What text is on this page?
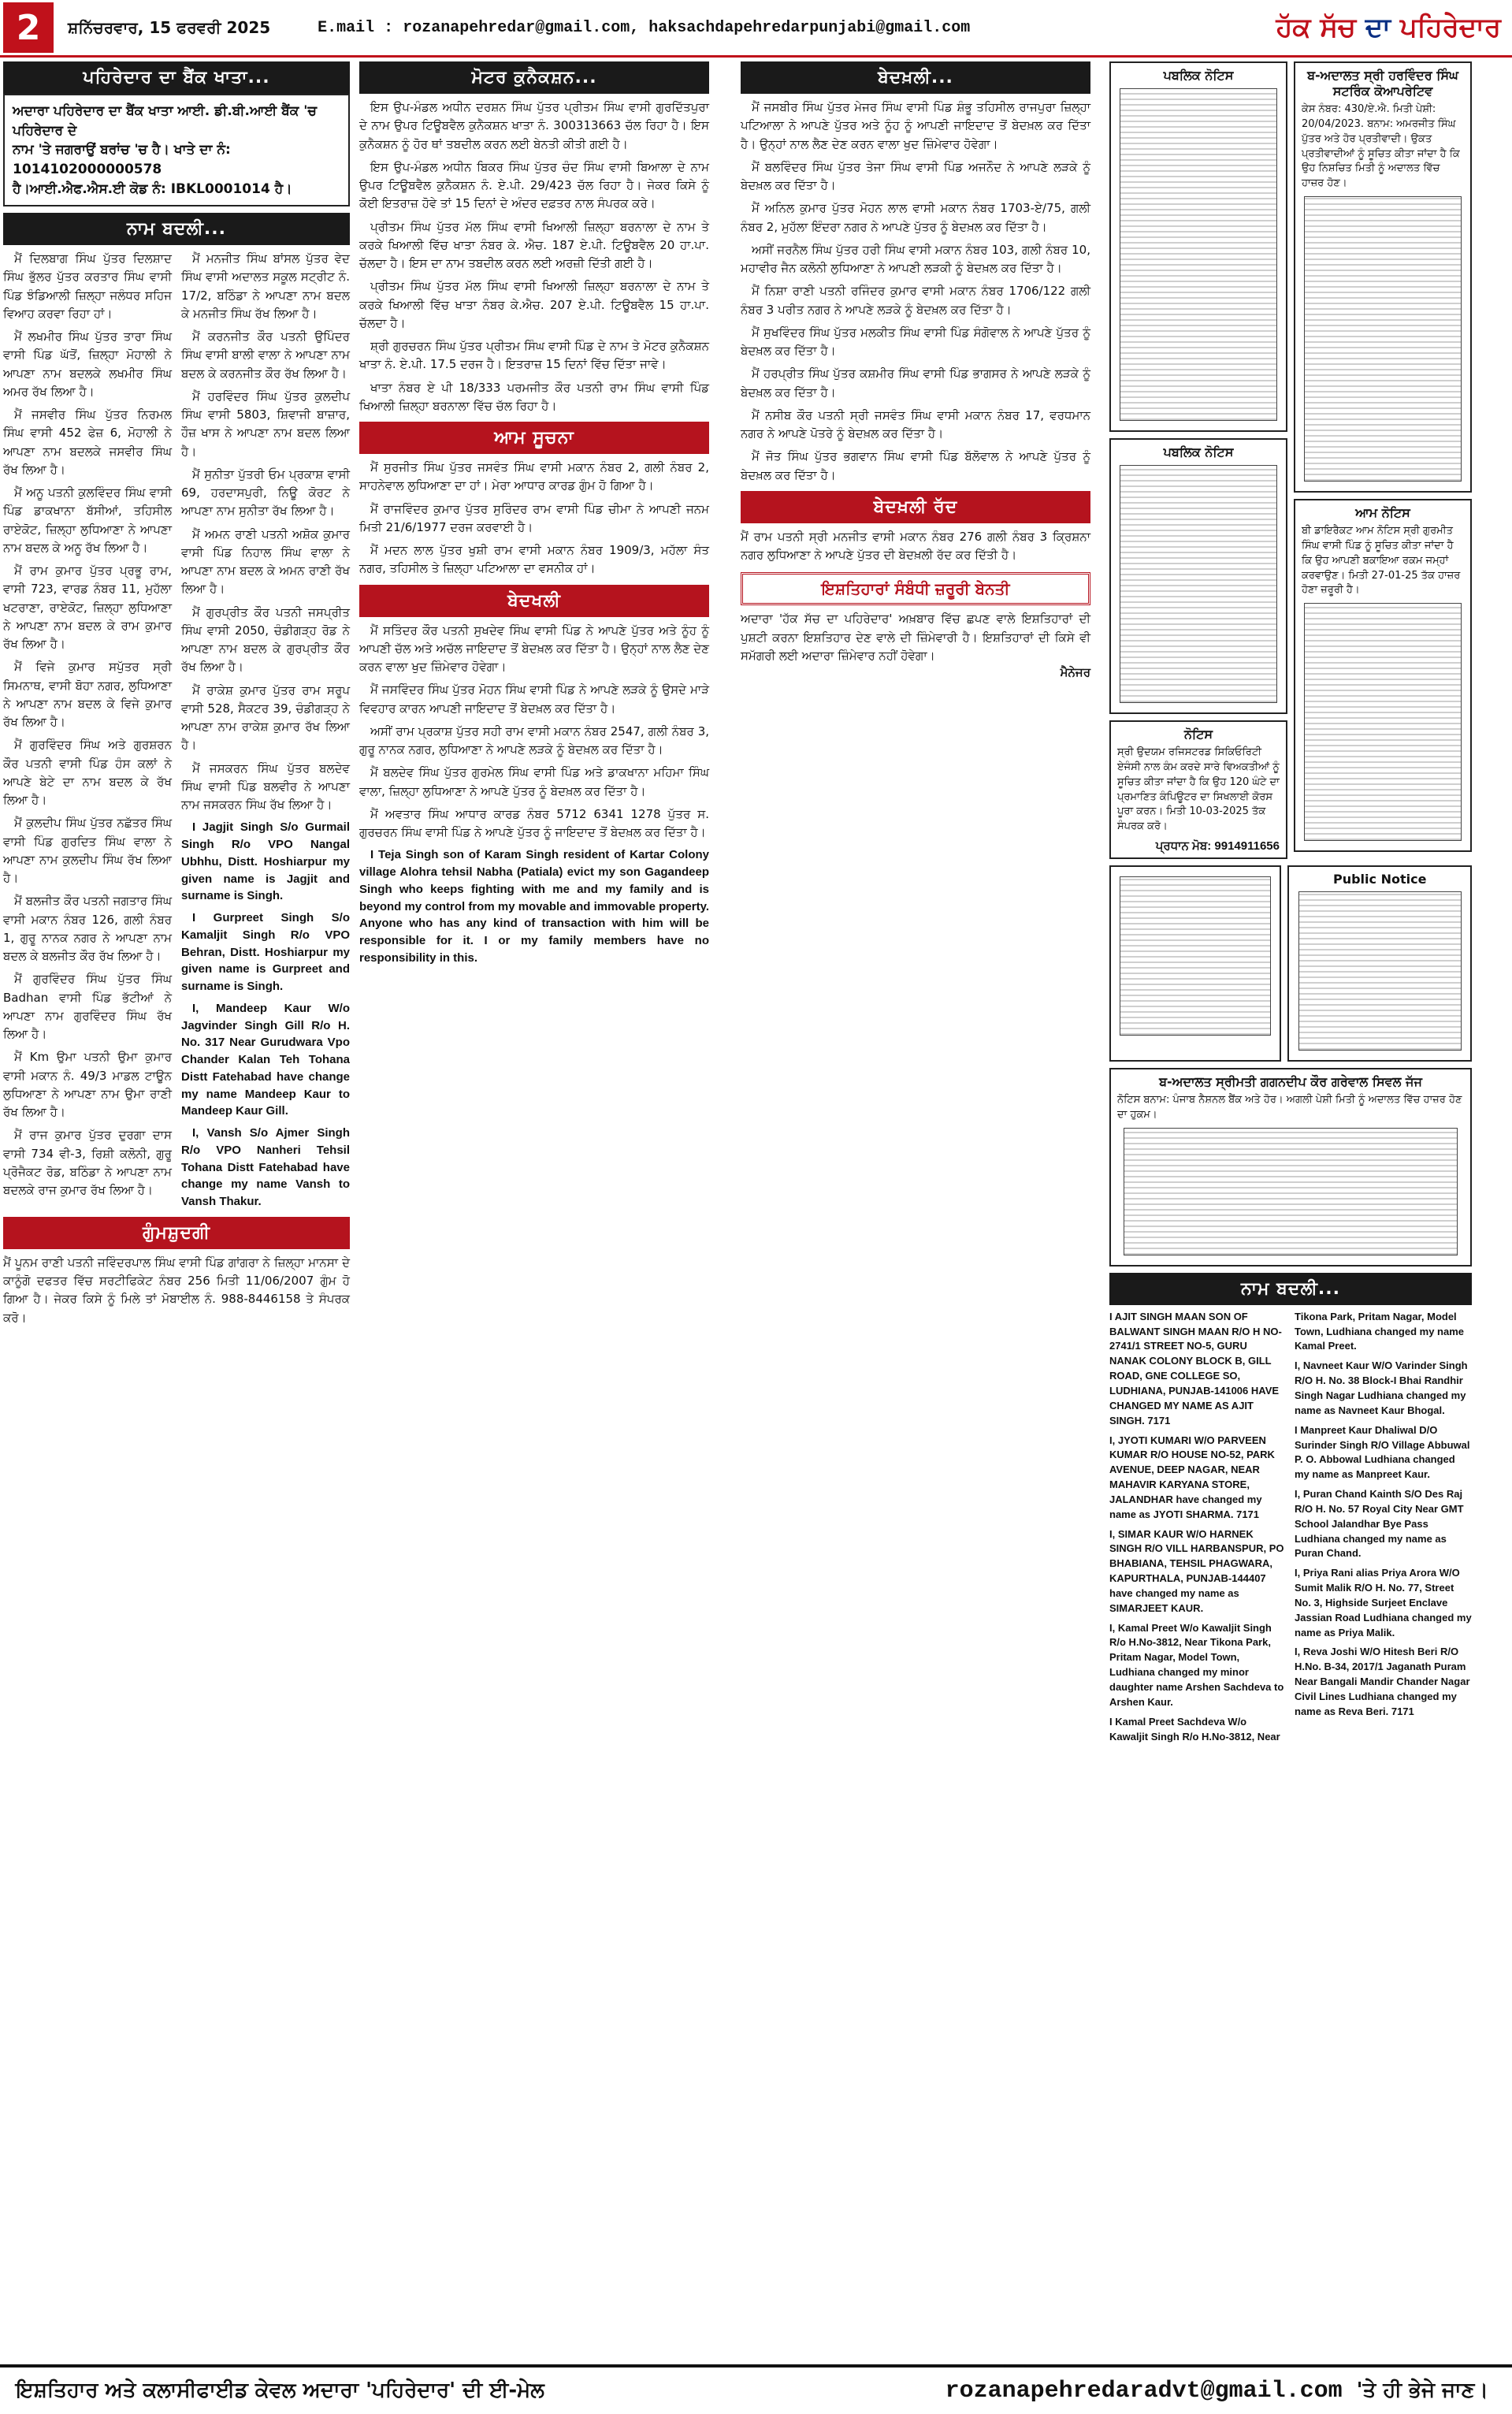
2	ਸ਼ਨਿੱਚਰਵਾਰ, 15 ਫਰਵਰੀ 2025	E.mail : rozanapehredar@gmail.com, haksachdapehredarpunjabi@gmail.com	ਹੱਕ ਸੱਚ ਦਾ ਪਹਿਰੇਦਾਰ
ਪਹਿਰੇਦਾਰ ਦਾ ਬੈਂਕ ਖਾਤਾ...
ਅਦਾਰਾ ਪਹਿਰੇਦਾਰ ਦਾ ਬੈਂਕ ਖਾਤਾ ਆਈ. ਡੀ.ਬੀ.ਆਈ ਬੈਂਕ 'ਚ ਪਹਿਰੇਦਾਰ ਦੇ
ਨਾਮ 'ਤੇ ਜਗਰਾਉਂ ਬਰਾਂਚ 'ਚ ਹੈ। ਖਾਤੇ ਦਾ ਨੰ: 1014102000000578
ਹੈ।ਆਈ.ਐਫ.ਐਸ.ਈ ਕੋਡ ਨੰ: IBKL0001014 ਹੈ।
ਨਾਮ ਬਦਲੀ...

ਮੈਂ ਦਿਲਬਾਗ ਸਿੰਘ ਪੁੱਤਰ ਦਿਲਸ਼ਾਦ ਸਿੰਘ ਭੁੱਲਰ ਪੁੱਤਰ ਕਰਤਾਰ ਸਿੰਘ ਵਾਸੀ ਪਿੰਡ ਝੰਡਿਆਲੀ ਜ਼ਿਲ੍ਹਾ ਜਲੰਧਰ ਸਹਿਜ ਵਿਆਹ ਕਰਵਾ ਰਿਹਾ ਹਾਂ।

ਮੈਂ ਲਖਮੀਰ ਸਿੰਘ ਪੁੱਤਰ ਤਾਰਾ ਸਿੰਘ ਵਾਸੀ ਪਿੰਡ ਘੱਤੋਂ, ਜ਼ਿਲ੍ਹਾ ਮੋਹਾਲੀ ਨੇ ਆਪਣਾ ਨਾਮ ਬਦਲਕੇ ਲਖਮੀਰ ਸਿੰਘ ਅਮਰ ਰੱਖ ਲਿਆ ਹੈ।

ਮੈਂ ਜਸਵੀਰ ਸਿੰਘ ਪੁੱਤਰ ਨਿਰਮਲ ਸਿੰਘ ਵਾਸੀ 452 ਫੇਜ਼ 6, ਮੋਹਾਲੀ ਨੇ ਆਪਣਾ ਨਾਮ ਬਦਲਕੇ ਜਸਵੀਰ ਸਿੰਘ ਰੱਖ ਲਿਆ ਹੈ।

ਮੈਂ ਅਨੂ ਪਤਨੀ ਕੁਲਵਿੰਦਰ ਸਿੰਘ ਵਾਸੀ ਪਿੰਡ ਡਾਕਖਾਨਾ ਬੱਸੀਆਂ, ਤਹਿਸੀਲ ਰਾਏਕੋਟ, ਜ਼ਿਲ੍ਹਾ ਲੁਧਿਆਣਾ ਨੇ ਆਪਣਾ ਨਾਮ ਬਦਲ ਕੇ ਅਨੂ ਰੱਖ ਲਿਆ ਹੈ।

ਮੈਂ ਰਾਮ ਕੁਮਾਰ ਪੁੱਤਰ ਪ੍ਰਭੂ ਰਾਮ, ਵਾਸੀ 723, ਵਾਰਡ ਨੰਬਰ 11, ਮੁਹੱਲਾ ਖਟਰਾਣਾ, ਰਾਏਕੋਟ, ਜ਼ਿਲ੍ਹਾ ਲੁਧਿਆਣਾ ਨੇ ਆਪਣਾ ਨਾਮ ਬਦਲ ਕੇ ਰਾਮ ਕੁਮਾਰ ਰੱਖ ਲਿਆ ਹੈ।

ਮੈਂ ਵਿਜੇ ਕੁਮਾਰ ਸਪੁੱਤਰ ਸ੍ਰੀ ਸਿਮਨਾਥ, ਵਾਸੀ ਬੋਹਾ ਨਗਰ, ਲੁਧਿਆਣਾ ਨੇ ਆਪਣਾ ਨਾਮ ਬਦਲ ਕੇ ਵਿਜੇ ਕੁਮਾਰ ਰੱਖ ਲਿਆ ਹੈ।

ਮੈਂ ਗੁਰਵਿੰਦਰ ਸਿੰਘ ਅਤੇ ਗੁਰਸ਼ਰਨ ਕੌਰ ਪਤਨੀ ਵਾਸੀ ਪਿੰਡ ਹੰਸ ਕਲਾਂ ਨੇ ਆਪਣੇ ਬੇਟੇ ਦਾ ਨਾਮ ਬਦਲ ਕੇ ਰੱਖ ਲਿਆ ਹੈ।

ਮੈਂ ਕੁਲਦੀਪ ਸਿੰਘ ਪੁੱਤਰ ਨਛੱਤਰ ਸਿੰਘ ਵਾਸੀ ਪਿੰਡ ਗੁਰਦਿਤ ਸਿੰਘ ਵਾਲਾ ਨੇ ਆਪਣਾ ਨਾਮ ਕੁਲਦੀਪ ਸਿੰਘ ਰੱਖ ਲਿਆ ਹੈ।

ਮੈਂ ਬਲਜੀਤ ਕੌਰ ਪਤਨੀ ਜਗਤਾਰ ਸਿੰਘ ਵਾਸੀ ਮਕਾਨ ਨੰਬਰ 126, ਗਲੀ ਨੰਬਰ 1, ਗੁਰੂ ਨਾਨਕ ਨਗਰ ਨੇ ਆਪਣਾ ਨਾਮ ਬਦਲ ਕੇ ਬਲਜੀਤ ਕੌਰ ਰੱਖ ਲਿਆ ਹੈ।

ਮੈਂ ਗੁਰਵਿੰਦਰ ਸਿੰਘ ਪੁੱਤਰ ਸਿੰਘ Badhan ਵਾਸੀ ਪਿੰਡ ਭੱਟੀਆਂ ਨੇ ਆਪਣਾ ਨਾਮ ਗੁਰਵਿੰਦਰ ਸਿੰਘ ਰੱਖ ਲਿਆ ਹੈ।

ਮੈਂ Km ਉਮਾ ਪਤਨੀ ਉਮਾ ਕੁਮਾਰ ਵਾਸੀ ਮਕਾਨ ਨੰ. 49/3 ਮਾਡਲ ਟਾਊਨ ਲੁਧਿਆਣਾ ਨੇ ਆਪਣਾ ਨਾਮ ਉਮਾ ਰਾਣੀ ਰੱਖ ਲਿਆ ਹੈ।

ਮੈਂ ਰਾਜ ਕੁਮਾਰ ਪੁੱਤਰ ਦੁਰਗਾ ਦਾਸ ਵਾਸੀ 734 ਵੀ-3, ਰਿਸ਼ੀ ਕਲੋਨੀ, ਗੁਰੂ ਪ੍ਰੋਜੈਕਟ ਰੋਡ, ਬਠਿੰਡਾ ਨੇ ਆਪਣਾ ਨਾਮ ਬਦਲਕੇ ਰਾਜ ਕੁਮਾਰ ਰੱਖ ਲਿਆ ਹੈ।

ਮੈਂ ਮਨਜੀਤ ਸਿੰਘ ਬਾਂਸਲ ਪੁੱਤਰ ਵੇਦ ਸਿੰਘ ਵਾਸੀ ਅਦਾਲਤ ਸਕੂਲ ਸਟ੍ਰੀਟ ਨੰ. 17/2, ਬਠਿੰਡਾ ਨੇ ਆਪਣਾ ਨਾਮ ਬਦਲ ਕੇ ਮਨਜੀਤ ਸਿੰਘ ਰੱਖ ਲਿਆ ਹੈ।

ਮੈਂ ਕਰਨਜੀਤ ਕੌਰ ਪਤਨੀ ਉਪਿੰਦਰ ਸਿੰਘ ਵਾਸੀ ਬਾਲੀ ਵਾਲਾ ਨੇ ਆਪਣਾ ਨਾਮ ਬਦਲ ਕੇ ਕਰਨਜੀਤ ਕੌਰ ਰੱਖ ਲਿਆ ਹੈ।

ਮੈਂ ਹਰਵਿੰਦਰ ਸਿੰਘ ਪੁੱਤਰ ਕੁਲਦੀਪ ਸਿੰਘ ਵਾਸੀ 5803, ਸ਼ਿਵਾਜੀ ਬਾਜ਼ਾਰ, ਹੌਜ਼ ਖਾਸ ਨੇ ਆਪਣਾ ਨਾਮ ਬਦਲ ਲਿਆ ਹੈ।

ਮੈਂ ਸੁਨੀਤਾ ਪੁੱਤਰੀ ਓਮ ਪ੍ਰਕਾਸ਼ ਵਾਸੀ 69, ਹਰਦਾਸਪੁਰੀ, ਨਿਊ ਕੋਰਟ ਨੇ ਆਪਣਾ ਨਾਮ ਸੁਨੀਤਾ ਰੱਖ ਲਿਆ ਹੈ।

ਮੈਂ ਅਮਨ ਰਾਣੀ ਪਤਨੀ ਅਸ਼ੋਕ ਕੁਮਾਰ ਵਾਸੀ ਪਿੰਡ ਨਿਹਾਲ ਸਿੰਘ ਵਾਲਾ ਨੇ ਆਪਣਾ ਨਾਮ ਬਦਲ ਕੇ ਅਮਨ ਰਾਣੀ ਰੱਖ ਲਿਆ ਹੈ।

ਮੈਂ ਗੁਰਪ੍ਰੀਤ ਕੌਰ ਪਤਨੀ ਜਸਪ੍ਰੀਤ ਸਿੰਘ ਵਾਸੀ 2050, ਚੰਡੀਗੜ੍ਹ ਰੋਡ ਨੇ ਆਪਣਾ ਨਾਮ ਬਦਲ ਕੇ ਗੁਰਪ੍ਰੀਤ ਕੌਰ ਰੱਖ ਲਿਆ ਹੈ।

ਮੈਂ ਰਾਕੇਸ਼ ਕੁਮਾਰ ਪੁੱਤਰ ਰਾਮ ਸਰੂਪ ਵਾਸੀ 528, ਸੈਕਟਰ 39, ਚੰਡੀਗੜ੍ਹ ਨੇ ਆਪਣਾ ਨਾਮ ਰਾਕੇਸ਼ ਕੁਮਾਰ ਰੱਖ ਲਿਆ ਹੈ।

ਮੈਂ ਜਸਕਰਨ ਸਿੰਘ ਪੁੱਤਰ ਬਲਦੇਵ ਸਿੰਘ ਵਾਸੀ ਪਿੰਡ ਬਲਵੀਰ ਨੇ ਆਪਣਾ ਨਾਮ ਜਸਕਰਨ ਸਿੰਘ ਰੱਖ ਲਿਆ ਹੈ।

I Jagjit Singh S/o Gurmail Singh R/o VPO Nangal Ubhhu, Distt. Hoshiarpur my given name is Jagjit and surname is Singh.

I Gurpreet Singh S/o Kamaljit Singh R/o VPO Behran, Distt. Hoshiarpur my given name is Gurpreet and surname is Singh.

I, Mandeep Kaur W/o Jagvinder Singh Gill R/o H. No. 317 Near Gurudwara Vpo Chander Kalan Teh Tohana Distt Fatehabad have change my name Mandeep Kaur to Mandeep Kaur Gill.

I, Vansh S/o Ajmer Singh R/o VPO Nanheri Tehsil Tohana Distt Fatehabad have change my name Vansh to Vansh Thakur.

ਗੁੰਮਸ਼ੁਦਗੀ
ਮੈਂ ਪੂਨਮ ਰਾਣੀ ਪਤਨੀ ਜਵਿੰਦਰਪਾਲ ਸਿੰਘ ਵਾਸੀ ਪਿੰਡ ਗਾਂਗਰਾ ਨੇ ਜ਼ਿਲ੍ਹਾ ਮਾਨਸਾ ਦੇ ਕਾਨੂੰਗੋ ਦਫਤਰ ਵਿੱਚ ਸਰਟੀਫਿਕੇਟ ਨੰਬਰ 256 ਮਿਤੀ 11/06/2007 ਗੁੰਮ ਹੋ ਗਿਆ ਹੈ। ਜੇਕਰ ਕਿਸੇ ਨੂੰ ਮਿਲੇ ਤਾਂ ਮੋਬਾਈਲ ਨੰ. 988-8446158 ਤੇ ਸੰਪਰਕ ਕਰੋ।
ਮੋਟਰ ਕੁਨੈਕਸ਼ਨ...

ਇਸ ਉਪ-ਮੰਡਲ ਅਧੀਨ ਦਰਸ਼ਨ ਸਿੰਘ ਪੁੱਤਰ ਪ੍ਰੀਤਮ ਸਿੰਘ ਵਾਸੀ ਗੁਰਦਿੱਤਪੁਰਾ ਦੇ ਨਾਮ ਉਪਰ ਟਿਊਬਵੈਲ ਕੁਨੈਕਸ਼ਨ ਖਾਤਾ ਨੰ. 300313663 ਚੱਲ ਰਿਹਾ ਹੈ। ਇਸ ਕੁਨੈਕਸ਼ਨ ਨੂੰ ਹੋਰ ਥਾਂ ਤਬਦੀਲ ਕਰਨ ਲਈ ਬੇਨਤੀ ਕੀਤੀ ਗਈ ਹੈ।

ਇਸ ਉਪ-ਮੰਡਲ ਅਧੀਨ ਬਿਕਰ ਸਿੰਘ ਪੁੱਤਰ ਚੰਦ ਸਿੰਘ ਵਾਸੀ ਬਿਆਲਾ ਦੇ ਨਾਮ ਉਪਰ ਟਿਊਬਵੈਲ ਕੁਨੈਕਸ਼ਨ ਨੰ. ਏ.ਪੀ. 29/423 ਚੱਲ ਰਿਹਾ ਹੈ। ਜੇਕਰ ਕਿਸੇ ਨੂੰ ਕੋਈ ਇਤਰਾਜ਼ ਹੋਵੇ ਤਾਂ 15 ਦਿਨਾਂ ਦੇ ਅੰਦਰ ਦਫ਼ਤਰ ਨਾਲ ਸੰਪਰਕ ਕਰੇ।

ਪ੍ਰੀਤਮ ਸਿੰਘ ਪੁੱਤਰ ਮੱਲ ਸਿੰਘ ਵਾਸੀ ਖਿਆਲੀ ਜ਼ਿਲ੍ਹਾ ਬਰਨਾਲਾ ਦੇ ਨਾਮ ਤੇ ਕਰਕੇ ਖਿਆਲੀ ਵਿੱਚ ਖਾਤਾ ਨੰਬਰ ਕੇ. ਐਚ. 187 ਏ.ਪੀ. ਟਿਊਬਵੈਲ 20 ਹਾ.ਪਾ. ਚੱਲਦਾ ਹੈ। ਇਸ ਦਾ ਨਾਮ ਤਬਦੀਲ ਕਰਨ ਲਈ ਅਰਜ਼ੀ ਦਿੱਤੀ ਗਈ ਹੈ।

ਪ੍ਰੀਤਮ ਸਿੰਘ ਪੁੱਤਰ ਮੱਲ ਸਿੰਘ ਵਾਸੀ ਖਿਆਲੀ ਜ਼ਿਲ੍ਹਾ ਬਰਨਾਲਾ ਦੇ ਨਾਮ ਤੇ ਕਰਕੇ ਖਿਆਲੀ ਵਿੱਚ ਖਾਤਾ ਨੰਬਰ ਕੇ.ਐਚ. 207 ਏ.ਪੀ. ਟਿਊਬਵੈਲ 15 ਹਾ.ਪਾ. ਚੱਲਦਾ ਹੈ।

ਸ਼੍ਰੀ ਗੁਰਚਰਨ ਸਿੰਘ ਪੁੱਤਰ ਪ੍ਰੀਤਮ ਸਿੰਘ ਵਾਸੀ ਪਿੰਡ ਦੇ ਨਾਮ ਤੇ ਮੋਟਰ ਕੁਨੈਕਸ਼ਨ ਖਾਤਾ ਨੰ. ਏ.ਪੀ. 17.5 ਦਰਜ ਹੈ। ਇਤਰਾਜ਼ 15 ਦਿਨਾਂ ਵਿੱਚ ਦਿੱਤਾ ਜਾਵੇ।

ਖਾਤਾ ਨੰਬਰ ਏ ਪੀ 18/333 ਪਰਮਜੀਤ ਕੌਰ ਪਤਨੀ ਰਾਮ ਸਿੰਘ ਵਾਸੀ ਪਿੰਡ ਖਿਆਲੀ ਜ਼ਿਲ੍ਹਾ ਬਰਨਾਲਾ ਵਿੱਚ ਚੱਲ ਰਿਹਾ ਹੈ।

ਆਮ ਸੂਚਨਾ

ਮੈਂ ਸੁਰਜੀਤ ਸਿੰਘ ਪੁੱਤਰ ਜਸਵੰਤ ਸਿੰਘ ਵਾਸੀ ਮਕਾਨ ਨੰਬਰ 2, ਗਲੀ ਨੰਬਰ 2, ਸਾਹਨੇਵਾਲ ਲੁਧਿਆਣਾ ਦਾ ਹਾਂ। ਮੇਰਾ ਆਧਾਰ ਕਾਰਡ ਗੁੰਮ ਹੋ ਗਿਆ ਹੈ।

ਮੈਂ ਰਾਜਵਿੰਦਰ ਕੁਮਾਰ ਪੁੱਤਰ ਸੁਰਿੰਦਰ ਰਾਮ ਵਾਸੀ ਪਿੰਡ ਚੀਮਾ ਨੇ ਆਪਣੀ ਜਨਮ ਮਿਤੀ 21/6/1977 ਦਰਜ ਕਰਵਾਈ ਹੈ।

ਮੈਂ ਮਦਨ ਲਾਲ ਪੁੱਤਰ ਖੁਸ਼ੀ ਰਾਮ ਵਾਸੀ ਮਕਾਨ ਨੰਬਰ 1909/3, ਮਹੱਲਾ ਸੰਤ ਨਗਰ, ਤਹਿਸੀਲ ਤੇ ਜ਼ਿਲ੍ਹਾ ਪਟਿਆਲਾ ਦਾ ਵਸਨੀਕ ਹਾਂ।

ਬੇਦਖਲੀ

ਮੈਂ ਸਤਿੰਦਰ ਕੌਰ ਪਤਨੀ ਸੁਖਦੇਵ ਸਿੰਘ ਵਾਸੀ ਪਿੰਡ ਨੇ ਆਪਣੇ ਪੁੱਤਰ ਅਤੇ ਨੂੰਹ ਨੂੰ ਆਪਣੀ ਚੱਲ ਅਤੇ ਅਚੱਲ ਜਾਇਦਾਦ ਤੋਂ ਬੇਦਖ਼ਲ ਕਰ ਦਿੱਤਾ ਹੈ। ਉਨ੍ਹਾਂ ਨਾਲ ਲੈਣ ਦੇਣ ਕਰਨ ਵਾਲਾ ਖੁਦ ਜ਼ਿੰਮੇਵਾਰ ਹੋਵੇਗਾ।

ਮੈਂ ਜਸਵਿੰਦਰ ਸਿੰਘ ਪੁੱਤਰ ਮੋਹਨ ਸਿੰਘ ਵਾਸੀ ਪਿੰਡ ਨੇ ਆਪਣੇ ਲੜਕੇ ਨੂੰ ਉਸਦੇ ਮਾੜੇ ਵਿਵਹਾਰ ਕਾਰਨ ਆਪਣੀ ਜਾਇਦਾਦ ਤੋਂ ਬੇਦਖ਼ਲ ਕਰ ਦਿੱਤਾ ਹੈ।

ਅਸੀਂ ਰਾਮ ਪ੍ਰਕਾਸ਼ ਪੁੱਤਰ ਸਹੀ ਰਾਮ ਵਾਸੀ ਮਕਾਨ ਨੰਬਰ 2547, ਗਲੀ ਨੰਬਰ 3, ਗੁਰੂ ਨਾਨਕ ਨਗਰ, ਲੁਧਿਆਣਾ ਨੇ ਆਪਣੇ ਲੜਕੇ ਨੂੰ ਬੇਦਖ਼ਲ ਕਰ ਦਿੱਤਾ ਹੈ।

ਮੈਂ ਬਲਦੇਵ ਸਿੰਘ ਪੁੱਤਰ ਗੁਰਮੇਲ ਸਿੰਘ ਵਾਸੀ ਪਿੰਡ ਅਤੇ ਡਾਕਖਾਨਾ ਮਹਿਮਾ ਸਿੰਘ ਵਾਲਾ, ਜ਼ਿਲ੍ਹਾ ਲੁਧਿਆਣਾ ਨੇ ਆਪਣੇ ਪੁੱਤਰ ਨੂੰ ਬੇਦਖ਼ਲ ਕਰ ਦਿੱਤਾ ਹੈ।

ਮੈਂ ਅਵਤਾਰ ਸਿੰਘ ਆਧਾਰ ਕਾਰਡ ਨੰਬਰ 5712 6341 1278 ਪੁੱਤਰ ਸ. ਗੁਰਚਰਨ ਸਿੰਘ ਵਾਸੀ ਪਿੰਡ ਨੇ ਆਪਣੇ ਪੁੱਤਰ ਨੂੰ ਜਾਇਦਾਦ ਤੋਂ ਬੇਦਖ਼ਲ ਕਰ ਦਿੱਤਾ ਹੈ।

I Teja Singh son of Karam Singh resident of Kartar Colony village Alohra tehsil Nabha (Patiala) evict my son Gagandeep Singh who keeps fighting with me and my family and is beyond my control from my movable and immovable property. Anyone who has any kind of transaction with him will be responsible for it. I or my family members have no responsibility in this.

ਬੇਦਖ਼ਲੀ...

ਮੈਂ ਜਸਬੀਰ ਸਿੰਘ ਪੁੱਤਰ ਮੇਜਰ ਸਿੰਘ ਵਾਸੀ ਪਿੰਡ ਸ਼ੰਭੂ ਤਹਿਸੀਲ ਰਾਜਪੁਰਾ ਜ਼ਿਲ੍ਹਾ ਪਟਿਆਲਾ ਨੇ ਆਪਣੇ ਪੁੱਤਰ ਅਤੇ ਨੂੰਹ ਨੂੰ ਆਪਣੀ ਜਾਇਦਾਦ ਤੋਂ ਬੇਦਖ਼ਲ ਕਰ ਦਿੱਤਾ ਹੈ। ਉਨ੍ਹਾਂ ਨਾਲ ਲੈਣ ਦੇਣ ਕਰਨ ਵਾਲਾ ਖੁਦ ਜ਼ਿੰਮੇਵਾਰ ਹੋਵੇਗਾ।

ਮੈਂ ਬਲਵਿੰਦਰ ਸਿੰਘ ਪੁੱਤਰ ਤੇਜਾ ਸਿੰਘ ਵਾਸੀ ਪਿੰਡ ਅਜਨੌਦ ਨੇ ਆਪਣੇ ਲੜਕੇ ਨੂੰ ਬੇਦਖ਼ਲ ਕਰ ਦਿੱਤਾ ਹੈ।

ਮੈਂ ਅਨਿਲ ਕੁਮਾਰ ਪੁੱਤਰ ਮੋਹਨ ਲਾਲ ਵਾਸੀ ਮਕਾਨ ਨੰਬਰ 1703-ਏ/75, ਗਲੀ ਨੰਬਰ 2, ਮੁਹੱਲਾ ਇੰਦਰਾ ਨਗਰ ਨੇ ਆਪਣੇ ਪੁੱਤਰ ਨੂੰ ਬੇਦਖ਼ਲ ਕਰ ਦਿੱਤਾ ਹੈ।

ਅਸੀਂ ਜਰਨੈਲ ਸਿੰਘ ਪੁੱਤਰ ਹਰੀ ਸਿੰਘ ਵਾਸੀ ਮਕਾਨ ਨੰਬਰ 103, ਗਲੀ ਨੰਬਰ 10, ਮਹਾਵੀਰ ਜੈਨ ਕਲੋਨੀ ਲੁਧਿਆਣਾ ਨੇ ਆਪਣੀ ਲੜਕੀ ਨੂੰ ਬੇਦਖ਼ਲ ਕਰ ਦਿੱਤਾ ਹੈ।

ਮੈਂ ਨਿਸ਼ਾ ਰਾਣੀ ਪਤਨੀ ਰਜਿੰਦਰ ਕੁਮਾਰ ਵਾਸੀ ਮਕਾਨ ਨੰਬਰ 1706/122 ਗਲੀ ਨੰਬਰ 3 ਪਰੀਤ ਨਗਰ ਨੇ ਆਪਣੇ ਲੜਕੇ ਨੂੰ ਬੇਦਖ਼ਲ ਕਰ ਦਿੱਤਾ ਹੈ।

ਮੈਂ ਸੁਖਵਿੰਦਰ ਸਿੰਘ ਪੁੱਤਰ ਮਲਕੀਤ ਸਿੰਘ ਵਾਸੀ ਪਿੰਡ ਸੰਗੋਵਾਲ ਨੇ ਆਪਣੇ ਪੁੱਤਰ ਨੂੰ ਬੇਦਖ਼ਲ ਕਰ ਦਿੱਤਾ ਹੈ।

ਮੈਂ ਹਰਪ੍ਰੀਤ ਸਿੰਘ ਪੁੱਤਰ ਕਸ਼ਮੀਰ ਸਿੰਘ ਵਾਸੀ ਪਿੰਡ ਭਾਗਸਰ ਨੇ ਆਪਣੇ ਲੜਕੇ ਨੂੰ ਬੇਦਖ਼ਲ ਕਰ ਦਿੱਤਾ ਹੈ।

ਮੈਂ ਨਸੀਬ ਕੌਰ ਪਤਨੀ ਸ੍ਰੀ ਜਸਵੰਤ ਸਿੰਘ ਵਾਸੀ ਮਕਾਨ ਨੰਬਰ 17, ਵਰਧਮਾਨ ਨਗਰ ਨੇ ਆਪਣੇ ਪੋਤਰੇ ਨੂੰ ਬੇਦਖ਼ਲ ਕਰ ਦਿੱਤਾ ਹੈ।

ਮੈਂ ਜੋਤ ਸਿੰਘ ਪੁੱਤਰ ਭਗਵਾਨ ਸਿੰਘ ਵਾਸੀ ਪਿੰਡ ਬੱਲੋਵਾਲ ਨੇ ਆਪਣੇ ਪੁੱਤਰ ਨੂੰ ਬੇਦਖ਼ਲ ਕਰ ਦਿੱਤਾ ਹੈ।

ਬੇਦਖ਼ਲੀ ਰੱਦ
ਮੈਂ ਰਾਮ ਪਤਨੀ ਸ੍ਰੀ ਮਨਜੀਤ ਵਾਸੀ ਮਕਾਨ ਨੰਬਰ 276 ਗਲੀ ਨੰਬਰ 3 ਕ੍ਰਿਸ਼ਨਾ ਨਗਰ ਲੁਧਿਆਣਾ ਨੇ ਆਪਣੇ ਪੁੱਤਰ ਦੀ ਬੇਦਖ਼ਲੀ ਰੱਦ ਕਰ ਦਿੱਤੀ ਹੈ।
ਇਸ਼ਤਿਹਾਰਾਂ ਸੰਬੰਧੀ ਜ਼ਰੂਰੀ ਬੇਨਤੀ
ਅਦਾਰਾ 'ਹੱਕ ਸੱਚ ਦਾ ਪਹਿਰੇਦਾਰ' ਅਖ਼ਬਾਰ ਵਿੱਚ ਛਪਣ ਵਾਲੇ ਇਸ਼ਤਿਹਾਰਾਂ ਦੀ ਪੁਸ਼ਟੀ ਕਰਨਾ ਇਸ਼ਤਿਹਾਰ ਦੇਣ ਵਾਲੇ ਦੀ ਜ਼ਿੰਮੇਵਾਰੀ ਹੈ। ਇਸ਼ਤਿਹਾਰਾਂ ਦੀ ਕਿਸੇ ਵੀ ਸਮੱਗਰੀ ਲਈ ਅਦਾਰਾ ਜ਼ਿੰਮੇਵਾਰ ਨਹੀਂ ਹੋਵੇਗਾ।
ਮੈਨੇਜਰ
ਪਬਲਿਕ ਨੋਟਿਸ
ਪਬਲਿਕ ਨੋਟਿਸ
ਨੋਟਿਸ
ਸ੍ਰੀ ਉਦਯਮ ਰਜਿਸਟਰਡ ਸਿਕਿਓਰਿਟੀ ਏਜੰਸੀ ਨਾਲ ਕੰਮ ਕਰਦੇ ਸਾਰੇ ਵਿਅਕਤੀਆਂ ਨੂੰ ਸੂਚਿਤ ਕੀਤਾ ਜਾਂਦਾ ਹੈ ਕਿ ਉਹ 120 ਘੰਟੇ ਦਾ ਪ੍ਰਮਾਣਿਤ ਕੰਪਿਊਟਰ ਦਾ ਸਿਖਲਾਈ ਕੋਰਸ ਪੂਰਾ ਕਰਨ। ਮਿਤੀ 10-03-2025 ਤੱਕ ਸੰਪਰਕ ਕਰੋ।
ਪ੍ਰਧਾਨ ਮੋਬ: 9914911656
ਬ-ਅਦਾਲਤ ਸ੍ਰੀ ਹਰਵਿੰਦਰ ਸਿੰਘ ਸਟਰਿੰਕ ਕੋਆਪਰੇਟਿਵ
ਕੇਸ ਨੰਬਰ: 430/ਏ.ਐ. ਮਿਤੀ ਪੇਸ਼ੀ: 20/04/2023. ਬਨਾਮ: ਅਮਰਜੀਤ ਸਿੰਘ ਪੁੱਤਰ ਅਤੇ ਹੋਰ ਪ੍ਰਤੀਵਾਦੀ। ਉਕਤ ਪ੍ਰਤੀਵਾਦੀਆਂ ਨੂੰ ਸੂਚਿਤ ਕੀਤਾ ਜਾਂਦਾ ਹੈ ਕਿ ਉਹ ਨਿਸ਼ਚਿਤ ਮਿਤੀ ਨੂੰ ਅਦਾਲਤ ਵਿੱਚ ਹਾਜ਼ਰ ਹੋਣ।
ਆਮ ਨੋਟਿਸ
ਬੀ ਡਾਇਰੈਕਟ ਆਮ ਨੋਟਿਸ ਸ੍ਰੀ ਗੁਰਮੀਤ ਸਿੰਘ ਵਾਸੀ ਪਿੰਡ ਨੂੰ ਸੂਚਿਤ ਕੀਤਾ ਜਾਂਦਾ ਹੈ ਕਿ ਉਹ ਆਪਣੀ ਬਕਾਇਆ ਰਕਮ ਜਮ੍ਹਾਂ ਕਰਵਾਉਣ। ਮਿਤੀ 27-01-25 ਤੱਕ ਹਾਜ਼ਰ ਹੋਣਾ ਜ਼ਰੂਰੀ ਹੈ।
Public Notice
ਬ-ਅਦਾਲਤ ਸ੍ਰੀਮਤੀ ਗਗਨਦੀਪ ਕੌਰ ਗਰੇਵਾਲ ਸਿਵਲ ਜੱਜ
ਨੋਟਿਸ ਬਨਾਮ: ਪੰਜਾਬ ਨੈਸ਼ਨਲ ਬੈਂਕ ਅਤੇ ਹੋਰ। ਅਗਲੀ ਪੇਸ਼ੀ ਮਿਤੀ ਨੂੰ ਅਦਾਲਤ ਵਿੱਚ ਹਾਜ਼ਰ ਹੋਣ ਦਾ ਹੁਕਮ।
ਨਾਮ ਬਦਲੀ...

I AJIT SINGH MAAN SON OF BALWANT SINGH MAAN R/O H NO-2741/1 STREET NO-5, GURU NANAK COLONY BLOCK B, GILL ROAD, GNE COLLEGE SO, LUDHIANA, PUNJAB-141006 HAVE CHANGED MY NAME AS AJIT SINGH. 7171

I, JYOTI KUMARI W/O PARVEEN KUMAR R/O HOUSE NO-52, PARK AVENUE, DEEP NAGAR, NEAR MAHAVIR KARYANA STORE, JALANDHAR have changed my name as JYOTI SHARMA. 7171

I, SIMAR KAUR W/O HARNEK SINGH R/O VILL HARBANSPUR, PO BHABIANA, TEHSIL PHAGWARA, KAPURTHALA, PUNJAB-144407 have changed my name as SIMARJEET KAUR.

I, Kamal Preet W/o Kawaljit Singh R/o H.No-3812, Near Tikona Park, Pritam Nagar, Model Town, Ludhiana changed my minor daughter name Arshen Sachdeva to Arshen Kaur.

I Kamal Preet Sachdeva W/o Kawaljit Singh R/o H.No-3812, Near

Tikona Park, Pritam Nagar, Model Town, Ludhiana changed my name Kamal Preet.

I, Navneet Kaur W/O Varinder Singh R/O H. No. 38 Block-I Bhai Randhir Singh Nagar Ludhiana changed my name as Navneet Kaur Bhogal.

I Manpreet Kaur Dhaliwal D/O Surinder Singh R/O Village Abbuwal P. O. Abbowal Ludhiana changed my name as Manpreet Kaur.

I, Puran Chand Kainth S/O Des Raj R/O H. No. 57 Royal City Near GMT School Jalandhar Bye Pass Ludhiana changed my name as Puran Chand.

I, Priya Rani alias Priya Arora W/O Sumit Malik R/O H. No. 77, Street No. 3, Highside Surjeet Enclave Jassian Road Ludhiana changed my name as Priya Malik.

I, Reva Joshi W/O Hitesh Beri R/O H.No. B-34, 2017/1 Jaganath Puram Near Bangali Mandir Chander Nagar Civil Lines Ludhiana changed my name as Reva Beri. 7171

ਇਸ਼ਤਿਹਾਰ ਅਤੇ ਕਲਾਸੀਫਾਈਡ ਕੇਵਲ ਅਦਾਰਾ 'ਪਹਿਰੇਦਾਰ' ਦੀ ਈ-ਮੇਲ	rozanapehredaradvt@gmail.com 'ਤੇ ਹੀ ਭੇਜੇ ਜਾਣ।
